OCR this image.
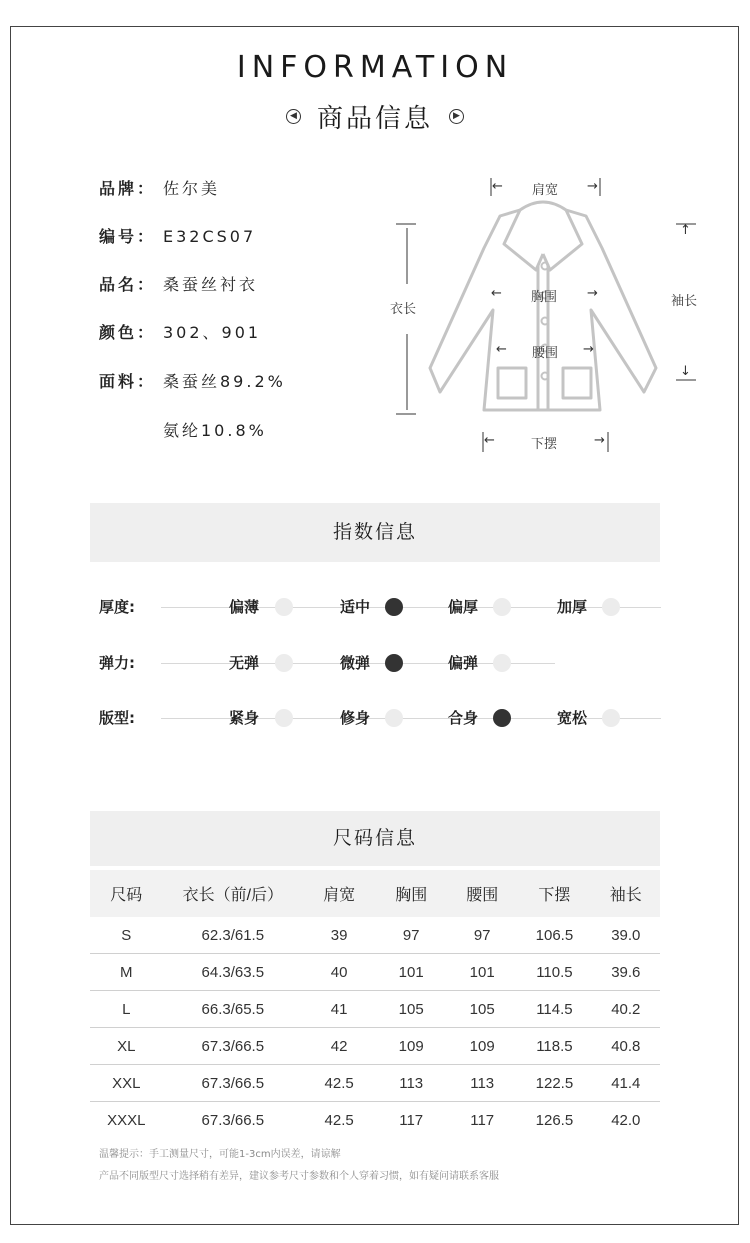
INFORMATION
◀ 商品信息	▶
品牌： 佐尔美
编号： E32CS07
品名： 桑蚕丝衬衣
颜色： 302、901
面料： 桑蚕丝89.2%
氨纶10.8%
← 肩宽 →
衣长
← 胸围 →
← 腰围 →
←	下摆	→
袖长
↑
↓
指数信息
厚度:	偏薄	适中	偏厚	加厚
弹力:	无弹	微弹	偏弹
版型:	紧身	修身	合身	宽松
尺码信息
尺码	衣长（前/后）	肩宽	胸围	腰围	下摆	袖长
S	62.3/61.5	39	97	97	106.5	39.0
M	64.3/63.5	40	101	101	110.5	39.6
L	66.3/65.5	41	105	105	114.5	40.2
XL	67.3/66.5	42	109	109	118.5	40.8
XXL	67.3/66.5	42.5	113	113	122.5	41.4
XXXL	67.3/66.5	42.5	117	117	126.5	42.0
温馨提示：手工测量尺寸，可能1-3cm内误差，请谅解
产品不同版型尺寸选择稍有差异，建议参考尺寸参数和个人穿着习惯，如有疑问请联系客服
